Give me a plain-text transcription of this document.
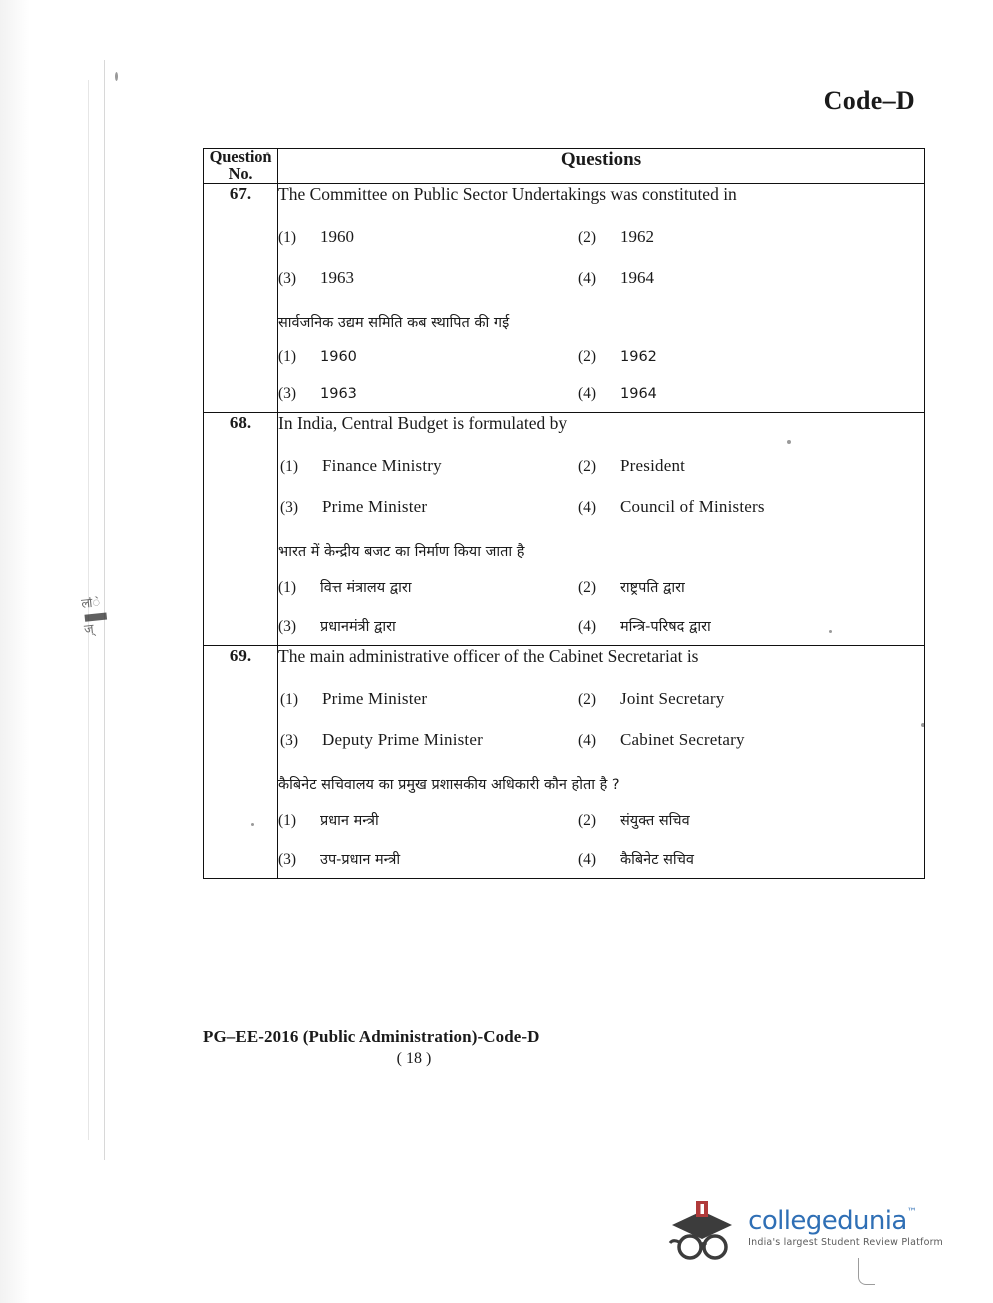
ल​ि
ज्
Code–D
Question
No.	Questions
67.	The Committee on Public Sector Undertakings was constituted in
(1)	1960	(2)	1962
(3)	1963	(4)	1964
सार्वजनिक उद्यम समिति कब स्थापित की गई
(1)	1960	(2)	1962
(3)	1963	(4)	1964

68.	In India, Central Budget is formulated by
(1)	Finance Ministry	(2)	President
(3)	Prime Minister	(4)	Council of Ministers
भारत में केन्द्रीय बजट का निर्माण किया जाता है
(1)	वित्त मंत्रालय द्वारा	(2)	राष्ट्रपति द्वारा
(3)	प्रधानमंत्री द्वारा	(4)	मन्त्रि-परिषद द्वारा

69.	The main administrative officer of the Cabinet Secretariat is
(1)	Prime Minister	(2)	Joint Secretary
(3)	Deputy Prime Minister	(4)	Cabinet Secretary
कैबिनेट सचिवालय का प्रमुख प्रशासकीय अधिकारी कौन होता है ?
(1)	प्रधान मन्त्री	(2)	संयुक्त सचिव
(3)	उप-प्रधान मन्त्री	(4)	कैबिनेट सचिव
PG–EE-2016 (Public Administration)-Code-D
( 18 )
collegedunia™
India's largest Student Review Platform
